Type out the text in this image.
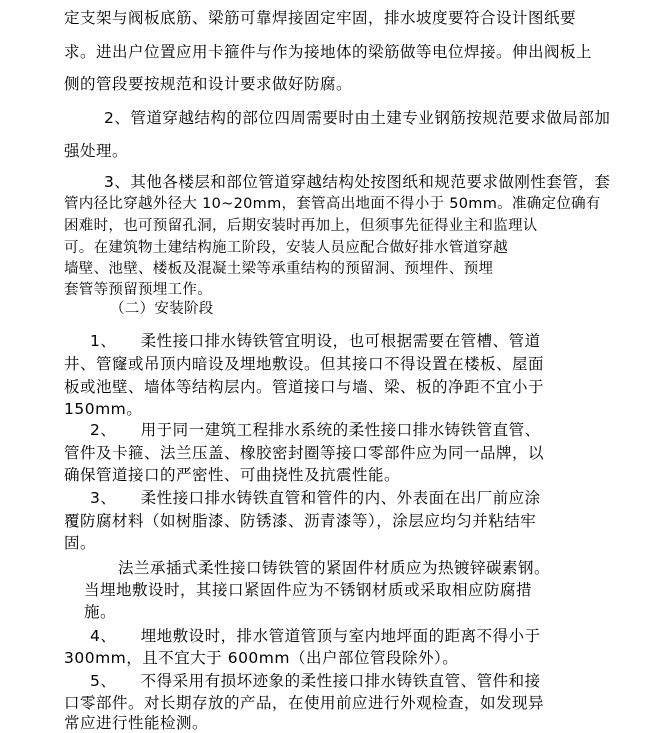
定支架与阀板底筋、梁筋可靠焊接固定牢固，排水坡度要符合设计图纸要
求。进出户位置应用卡箍件与作为接地体的梁筋做等电位焊接。伸出阀板上
侧的管段要按规范和设计要求做好防腐。
2、管道穿越结构的部位四周需要时由土建专业钢筋按规范要求做局部加
强处理。
3、其他各楼层和部位管道穿越结构处按图纸和规范要求做刚性套管，套
管内径比穿越外径大 10~20mm，套管高出地面不得小于 50mm。准确定位确有
困难时，也可预留孔洞，后期安装时再加上，但须事先征得业主和监理认
可。在建筑物土建结构施工阶段，安装人员应配合做好排水管道穿越
墙壁、池壁、楼板及混凝土梁等承重结构的预留洞、预埋件、预埋
套管等预留预埋工作。
（二）安装阶段
1、　　柔性接口排水铸铁管宜明设，也可根据需要在管槽、管道
井、管窿或吊顶内暗设及埋地敷设。但其接口不得设置在楼板、屋面
板或池壁、墙体等结构层内。管道接口与墙、梁、板的净距不宜小于
150mm。
2、　　用于同一建筑工程排水系统的柔性接口排水铸铁管直管、
管件及卡箍、法兰压盖、橡胶密封圈等接口零部件应为同一品牌，以
确保管道接口的严密性、可曲挠性及抗震性能。
3、　　柔性接口排水铸铁直管和管件的内、外表面在出厂前应涂
覆防腐材料（如树脂漆、防锈漆、沥青漆等），涂层应均匀并粘结牢
固。
法兰承插式柔性接口铸铁管的紧固件材质应为热镀锌碳素钢。
当埋地敷设时，其接口紧固件应为不锈钢材质或采取相应防腐措
施。
4、　　埋地敷设时，排水管道管顶与室内地坪面的距离不得小于
300mm，且不宜大于 600mm（出户部位管段除外）。
5、　　不得采用有损坏迹象的柔性接口排水铸铁直管、管件和接
口零部件。对长期存放的产品，在使用前应进行外观检查，如发现异
常应进行性能检测。
